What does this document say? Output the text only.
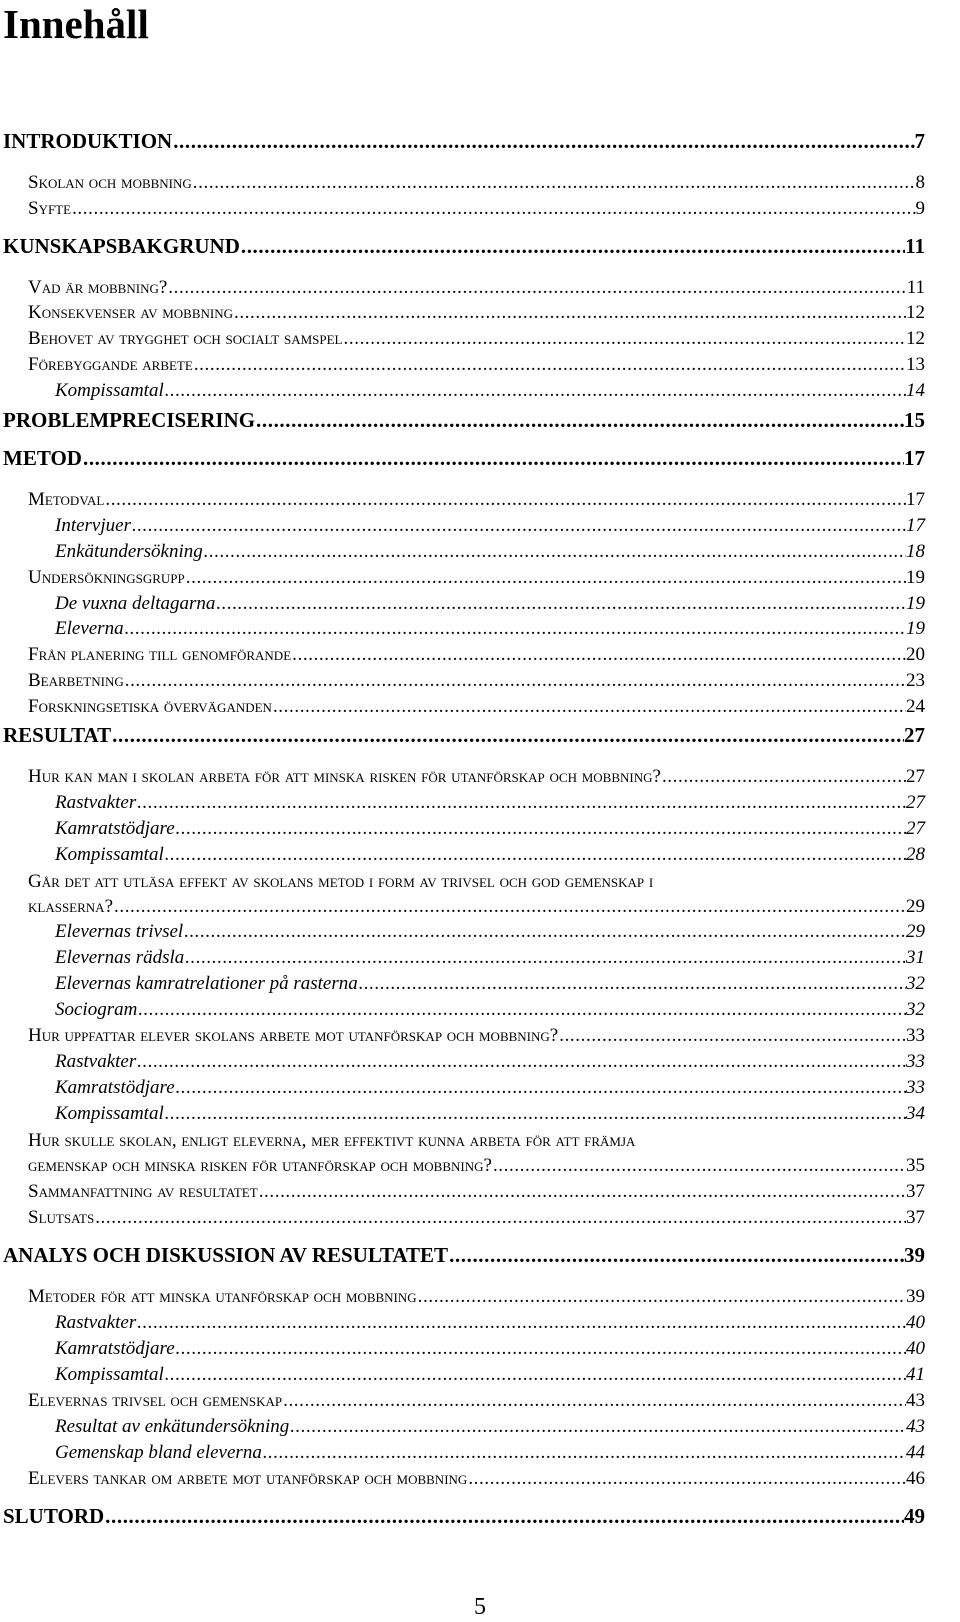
Innehåll
INTRODUKTION .....	7
Skolan och mobbning .....	8
Syfte .....	9
KUNSKAPSBAKGRUND .....	11
Vad är mobbning? .....	11
Konsekvenser av mobbning .....	12
Behovet av trygghet och socialt samspel .....	12
Förebyggande arbete .....	13
Kompissamtal .....	14
PROBLEMPRECISERING .....	15
METOD .....	17
Metodval .....	17
Intervjuer .....	17
Enkätundersökning .....	18
Undersökningsgrupp .....	19
De vuxna deltagarna .....	19
Eleverna .....	19
Från planering till genomförande .....	20
Bearbetning .....	23
Forskningsetiska överväganden .....	24
RESULTAT .....	27
Hur kan man i skolan arbeta för att minska risken för utanförskap och mobbning? .....	27
Rastvakter .....	27
Kamratstödjare .....	27
Kompissamtal .....	28
Går det att utläsa effekt av skolans metod i form av trivsel och god gemenskap i
klasserna? .....	29
Elevernas trivsel .....	29
Elevernas rädsla .....	31
Elevernas kamratrelationer på rasterna .....	32
Sociogram .....	32
Hur uppfattar elever skolans arbete mot utanförskap och mobbning? .....	33
Rastvakter .....	33
Kamratstödjare .....	33
Kompissamtal .....	34
Hur skulle skolan, enligt eleverna, mer effektivt kunna arbeta för att främja
gemenskap och minska risken för utanförskap och mobbning? .....	35
Sammanfattning av resultatet .....	37
Slutsats .....	37
ANALYS OCH DISKUSSION AV RESULTATET .....	39
Metoder för att minska utanförskap och mobbning .....	39
Rastvakter .....	40
Kamratstödjare .....	40
Kompissamtal .....	41
Elevernas trivsel och gemenskap .....	43
Resultat av enkätundersökning .....	43
Gemenskap bland eleverna .....	44
Elevers tankar om arbete mot utanförskap och mobbning .....	46
SLUTORD .....	49
5
